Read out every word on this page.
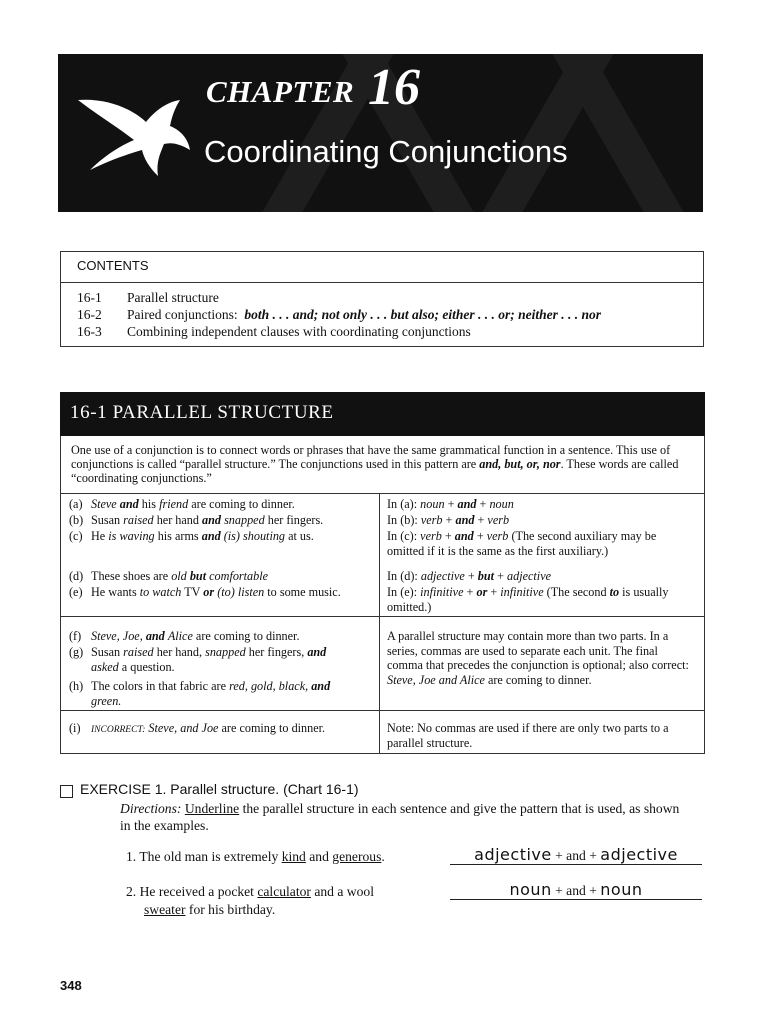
CHAPTER 16
Coordinating Conjunctions
CONTENTS
16-1 Parallel structure
16-2 Paired conjunctions: both . . . and; not only . . . but also; either . . . or; neither . . . nor
16-3 Combining independent clauses with coordinating conjunctions
16-1 PARALLEL STRUCTURE
One use of a conjunction is to connect words or phrases that have the same grammatical function in a sentence. This use of conjunctions is called “parallel structure.” The conjunctions used in this pattern are and, but, or, nor. These words are called “coordinating conjunctions.”
(a) Steve and his friend are coming to dinner.
(b) Susan raised her hand and snapped her fingers.
(c) He is waving his arms and (is) shouting at us.
(d) These shoes are old but comfortable
(e) He wants to watch TV or (to) listen to some music.
In (a): noun + and + noun
In (b): verb + and + verb
In (c): verb + and + verb (The second auxiliary may be omitted if it is the same as the first auxiliary.)
In (d): adjective + but + adjective
In (e): infinitive + or + infinitive (The second to is usually omitted.)
(f) Steve, Joe, and Alice are coming to dinner.
(g) Susan raised her hand, snapped her fingers, and
asked a question.
(h) The colors in that fabric are red, gold, black, and
green.
A parallel structure may contain more than two parts. In a series, commas are used to separate each unit. The final comma that precedes the conjunction is optional; also correct: Steve, Joe and Alice are coming to dinner.
(i) INCORRECT: Steve, and Joe are coming to dinner.	Note: No commas are used if there are only two parts to a parallel structure.
EXERCISE 1. Parallel structure. (Chart 16-1)
Directions: Underline the parallel structure in each sentence and give the pattern that is used, as shown in the examples.
1. The old man is extremely kind and generous.	adjective + and + adjective
2. He received a pocket calculator and a wool
sweater for his birthday.
noun + and + noun
348
